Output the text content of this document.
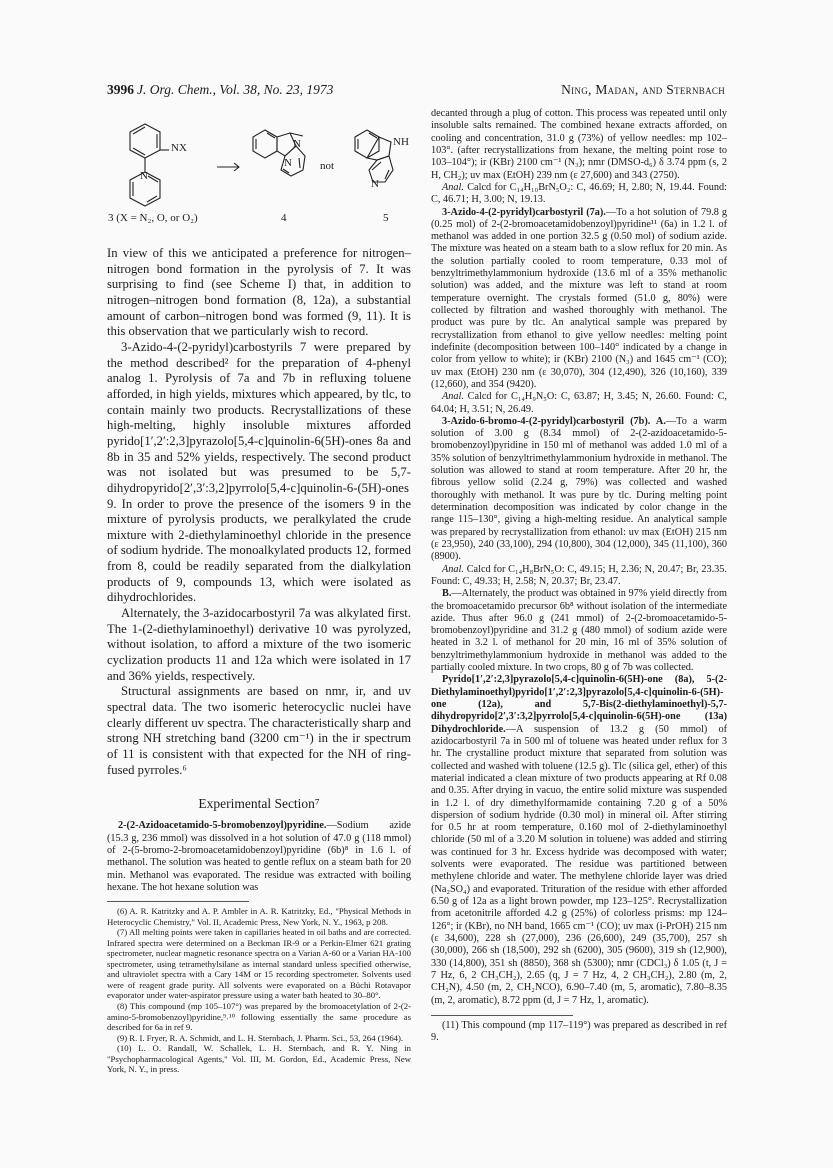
3996 J. Org. Chem., Vol. 38, No. 23, 1973	Ning, Madan, and Sternbach
NX
N
3 (X = N₂, O, or O₂)
N
N
4
not
NH
N
5

In view of this we anticipated a preference for nitrogen–nitrogen bond formation in the pyrolysis of 7. It was surprising to find (see Scheme I) that, in addition to nitrogen–nitrogen bond formation (8, 12a), a substantial amount of carbon–nitrogen bond was formed (9, 11). It is this observation that we particularly wish to record.

3-Azido-4-(2-pyridyl)carbostyrils 7 were prepared by the method described² for the preparation of 4-phenyl analog 1. Pyrolysis of 7a and 7b in refluxing toluene afforded, in high yields, mixtures which appeared, by tlc, to contain mainly two products. Recrystallizations of these high-melting, highly insoluble mixtures afforded pyrido[1′,2′:2,3]pyrazolo[5,4-c]quinolin-6(5H)-ones 8a and 8b in 35 and 52% yields, respectively. The second product was not isolated but was presumed to be 5,7-dihydropyrido[2′,3′:3,2]pyrrolo[5,4-c]quinolin-6-(5H)-ones 9. In order to prove the presence of the isomers 9 in the mixture of pyrolysis products, we peralkylated the crude mixture with 2-diethylaminoethyl chloride in the presence of sodium hydride. The monoalkylated products 12, formed from 8, could be readily separated from the dialkylation products of 9, compounds 13, which were isolated as dihydrochlorides.

Alternately, the 3-azidocarbostyril 7a was alkylated first. The 1-(2-diethylaminoethyl) derivative 10 was pyrolyzed, without isolation, to afford a mixture of the two isomeric cyclization products 11 and 12a which were isolated in 17 and 36% yields, respectively.

Structural assignments are based on nmr, ir, and uv spectral data. The two isomeric heterocyclic nuclei have clearly different uv spectra. The characteristically sharp and strong NH stretching band (3200 cm⁻¹) in the ir spectrum of 11 is consistent with that expected for the NH of ring-fused pyrroles.⁶

Experimental Section⁷

2-(2-Azidoacetamido-5-bromobenzoyl)pyridine.—Sodium azide (15.3 g, 236 mmol) was dissolved in a hot solution of 47.0 g (118 mmol) of 2-(5-bromo-2-bromoacetamidobenzoyl)pyridine (6b)⁸ in 1.6 l. of methanol. The solution was heated to gentle reflux on a steam bath for 20 min. Methanol was evaporated. The residue was extracted with boiling hexane. The hot hexane solution was

(6) A. R. Katritzky and A. P. Ambler in A. R. Katritzky, Ed., "Physical Methods in Heterocyclic Chemistry," Vol. II, Academic Press, New York, N. Y., 1963, p 208.

(7) All melting points were taken in capillaries heated in oil baths and are corrected. Infrared spectra were determined on a Beckman IR-9 or a Perkin-Elmer 621 grating spectrometer, nuclear magnetic resonance spectra on a Varian A-60 or a Varian HA-100 spectrometer, using tetramethylsilane as internal standard unless specified otherwise, and ultraviolet spectra with a Cary 14M or 15 recording spectrometer. Solvents used were of reagent grade purity. All solvents were evaporated on a Büchi Rotavapor evaporator under water-aspirator pressure using a water bath heated to 30–80°.

(8) This compound (mp 105–107°) was prepared by the bromoacetylation of 2-(2-amino-5-bromobenzoyl)pyridine,⁹˒¹⁰ following essentially the same procedure as described for 6a in ref 9.

(9) R. I. Fryer, R. A. Schmidt, and L. H. Sternbach, J. Pharm. Sci., 53, 264 (1964).

(10) L. O. Randall, W. Schallek, L. H. Sternbach, and R. Y. Ning in "Psychopharmacological Agents," Vol. III, M. Gordon, Ed., Academic Press, New York, N. Y., in press.

decanted through a plug of cotton. This process was repeated until only insoluble salts remained. The combined hexane extracts afforded, on cooling and concentration, 31.0 g (73%) of yellow needles: mp 102–103°. (after recrystallizations from hexane, the melting point rose to 103–104°); ir (KBr) 2100 cm⁻¹ (N₃); nmr (DMSO-d₆) δ 3.74 ppm (s, 2 H, CH₂); uv max (EtOH) 239 nm (ε 27,600) and 343 (2750).

Anal. Calcd for C₁₄H₁₀BrN₅O₂: C, 46.69; H, 2.80; N, 19.44. Found: C, 46.71; H, 3.00; N, 19.13.

3-Azido-4-(2-pyridyl)carbostyril (7a).—To a hot solution of 79.8 g (0.25 mol) of 2-(2-bromoacetamidobenzoyl)pyridine¹¹ (6a) in 1.2 l. of methanol was added in one portion 32.5 g (0.50 mol) of sodium azide. The mixture was heated on a steam bath to a slow reflux for 20 min. As the solution partially cooled to room temperature, 0.33 mol of benzyltrimethylammonium hydroxide (13.6 ml of a 35% methanolic solution) was added, and the mixture was left to stand at room temperature overnight. The crystals formed (51.0 g, 80%) were collected by filtration and washed thoroughly with methanol. The product was pure by tlc. An analytical sample was prepared by recrystallization from ethanol to give yellow needles: melting point indefinite (decomposition between 100–140° indicated by a change in color from yellow to white); ir (KBr) 2100 (N₃) and 1645 cm⁻¹ (CO); uv max (EtOH) 230 nm (ε 30,070), 304 (12,490), 326 (10,160), 339 (12,660), and 354 (9420).

Anal. Calcd for C₁₄H₉N₅O: C, 63.87; H, 3.45; N, 26.60. Found: C, 64.04; H, 3.51; N, 26.49.

3-Azido-6-bromo-4-(2-pyridyl)carbostyril (7b). A.—To a warm solution of 3.00 g (8.34 mmol) of 2-(2-azidoacetamido-5-bromobenzoyl)pyridine in 150 ml of methanol was added 1.0 ml of a 35% solution of benzyltrimethylammonium hydroxide in methanol. The solution was allowed to stand at room temperature. After 20 hr, the fibrous yellow solid (2.24 g, 79%) was collected and washed thoroughly with methanol. It was pure by tlc. During melting point determination decomposition was indicated by color change in the range 115–130°, giving a high-melting residue. An analytical sample was prepared by recrystallization from ethanol: uv max (EtOH) 215 nm (ε 23,950), 240 (33,100), 294 (10,800), 304 (12,000), 345 (11,100), 360 (8900).

Anal. Calcd for C₁₄H₈BrN₅O: C, 49.15; H, 2.36; N, 20.47; Br, 23.35. Found: C, 49.33; H, 2.58; N, 20.37; Br, 23.47.

B.—Alternately, the product was obtained in 97% yield directly from the bromoacetamido precursor 6b⁸ without isolation of the intermediate azide. Thus after 96.0 g (241 mmol) of 2-(2-bromoacetamido-5-bromobenzoyl)pyridine and 31.2 g (480 mmol) of sodium azide were heated in 3.2 l. of methanol for 20 min, 16 ml of 35% solution of benzyltrimethylammonium hydroxide in methanol was added to the partially cooled mixture. In two crops, 80 g of 7b was collected.

Pyrido[1′,2′:2,3]pyrazolo[5,4-c]quinolin-6(5H)-one (8a), 5-(2-Diethylaminoethyl)pyrido[1′,2′:2,3]pyrazolo[5,4-c]quinolin-6-(5H)-one (12a), and 5,7-Bis(2-diethylaminoethyl)-5,7-dihydropyrido[2′,3′:3,2]pyrrolo[5,4-c]quinolin-6(5H)-one (13a) Dihydrochloride.—A suspension of 13.2 g (50 mmol) of azidocarbostyril 7a in 500 ml of toluene was heated under reflux for 3 hr. The crystalline product mixture that separated from solution was collected and washed with toluene (12.5 g). Tlc (silica gel, ether) of this material indicated a clean mixture of two products appearing at Rf 0.08 and 0.35. After drying in vacuo, the entire solid mixture was suspended in 1.2 l. of dry dimethylformamide containing 7.20 g of a 50% dispersion of sodium hydride (0.30 mol) in mineral oil. After stirring for 0.5 hr at room temperature, 0.160 mol of 2-diethylaminoethyl chloride (50 ml of a 3.20 M solution in toluene) was added and stirring was continued for 3 hr. Excess hydride was decomposed with water; solvents were evaporated. The residue was partitioned between methylene chloride and water. The methylene chloride layer was dried (Na₂SO₄) and evaporated. Trituration of the residue with ether afforded 6.50 g of 12a as a light brown powder, mp 123–125°. Recrystallization from acetonitrile afforded 4.2 g (25%) of colorless prisms: mp 124–126°; ir (KBr), no NH band, 1665 cm⁻¹ (CO); uv max (i-PrOH) 215 nm (ε 34,600), 228 sh (27,000), 236 (26,600), 249 (35,700), 257 sh (30,000), 266 sh (18,500), 292 sh (6200), 305 (9600), 319 sh (12,900), 330 (14,800), 351 sh (8850), 368 sh (5300); nmr (CDCl₃) δ 1.05 (t, J = 7 Hz, 6, 2 CH₃CH₂), 2.65 (q, J = 7 Hz, 4, 2 CH₃CH₂), 2.80 (m, 2, CH₂N), 4.50 (m, 2, CH₂NCO), 6.90–7.40 (m, 5, aromatic), 7.80–8.35 (m, 2, aromatic), 8.72 ppm (d, J = 7 Hz, 1, aromatic).

(11) This compound (mp 117–119°) was prepared as described in ref 9.
